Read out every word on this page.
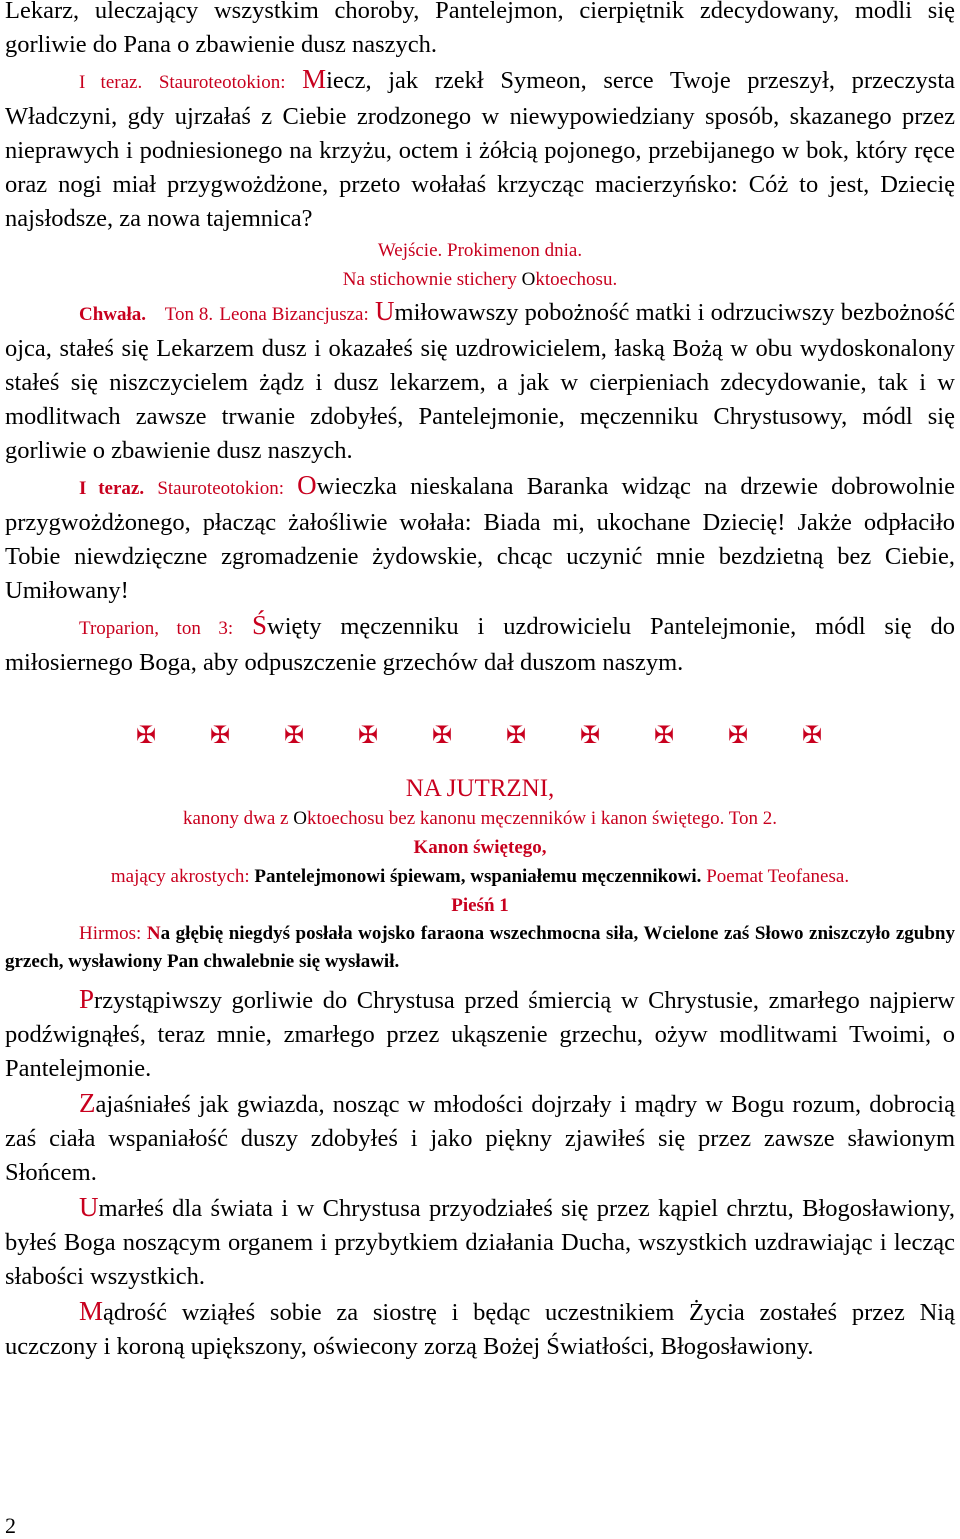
Lekarz, uleczający wszystkim choroby, Pantelejmon, cierpiętnik zdecydowany, modli się gorliwie do Pana o zbawienie dusz naszych.

I teraz. Stauroteotokion: Miecz, jak rzekł Symeon, serce Twoje przeszył, przeczysta Władczyni, gdy ujrzałaś z Ciebie zrodzonego w niewypowiedziany sposób, skazanego przez nieprawych i podniesionego na krzyżu, octem i żółcią pojonego, przebijanego w bok, który ręce oraz nogi miał przygwożdżone, przeto wołałaś krzycząc macierzyńsko: Cóż to jest, Dziecię najsłodsze, za nowa tajemnica?

Wejście. Prokimenon dnia.

Na stichownie stichery Oktoechosu.

Chwała. Ton 8. Leona Bizancjusza: Umiłowawszy pobożność matki i odrzuciwszy bezbożność ojca, stałeś się Lekarzem dusz i okazałeś się uzdrowicielem, łaską Bożą w obu wydoskonalony stałeś się niszczycielem żądz i dusz lekarzem, a jak w cierpieniach zdecydowanie, tak i w modlitwach zawsze trwanie zdobyłeś, Pantelejmonie, męczenniku Chrystusowy, módl się gorliwie o zbawienie dusz naszych.

I teraz. Stauroteotokion: Owieczka nieskalana Baranka widząc na drzewie dobrowolnie przygwożdżonego, płacząc żałośliwie wołała: Biada mi, ukochane Dziecię! Jakże odpłaciło Tobie niewdzięczne zgromadzenie żydowskie, chcąc uczynić mnie bezdzietną bez Ciebie, Umiłowany!

Troparion, ton 3: Święty męczenniku i uzdrowicielu Pantelejmonie, módl się do miłosiernego Boga, aby odpuszczenie grzechów dał duszom naszym.

✠ ✠ ✠ ✠ ✠ ✠ ✠ ✠ ✠ ✠

NA JUTRZNI,

kanony dwa z Oktoechosu bez kanonu męczenników i kanon świętego. Ton 2.

Kanon świętego,

mający akrostych: Pantelejmonowi śpiewam, wspaniałemu męczennikowi. Poemat Teofanesa.

Pieśń 1

Hirmos: Na głębię niegdyś posłała wojsko faraona wszechmocna siła, Wcielone zaś Słowo zniszczyło zgubny grzech, wysławiony Pan chwalebnie się wysławił.

Przystąpiwszy gorliwie do Chrystusa przed śmiercią w Chrystusie, zmarłego najpierw podźwignąłeś, teraz mnie, zmarłego przez ukąszenie grzechu, ożyw modlitwami Twoimi, o Pantelejmonie.

Zajaśniałeś jak gwiazda, nosząc w młodości dojrzały i mądry w Bogu rozum, dobrocią zaś ciała wspaniałość duszy zdobyłeś i jako piękny zjawiłeś się przez zawsze sławionym Słońcem.

Umarłeś dla świata i w Chrystusa przyodziałeś się przez kąpiel chrztu, Błogosławiony, byłeś Boga noszącym organem i przybytkiem działania Ducha, wszystkich uzdrawiając i lecząc słabości wszystkich.

Mądrość wziąłeś sobie za siostrę i będąc uczestnikiem Życia zostałeś przez Nią uczczony i koroną upiększony, oświecony zorzą Bożej Światłości, Błogosławiony.

2
